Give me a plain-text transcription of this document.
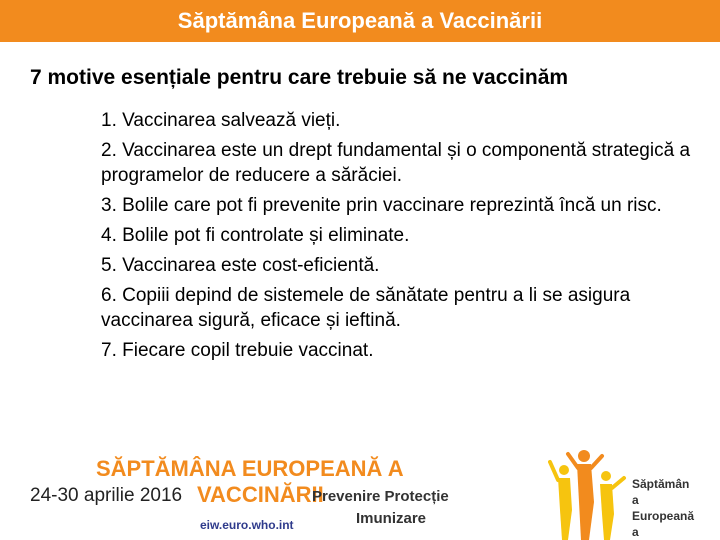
Săptămâna Europeană a Vaccinării
7 motive esențiale pentru care trebuie să ne vaccinăm
1. Vaccinarea salvează vieți.
2. Vaccinarea este un drept fundamental și o componentă strategică a programelor de reducere a sărăciei.
3. Bolile care pot fi prevenite prin vaccinare reprezintă încă un risc.
4. Bolile pot fi controlate și eliminate.
5. Vaccinarea este cost-eficientă.
6. Copiii depind de sistemele de sănătate pentru a li se asigura vaccinarea sigură, eficace și ieftină.
7. Fiecare copil trebuie vaccinat.
SĂPTĂMÂNA EUROPEANĂ A
24-30 aprilie 2016 VACCINĂRII
Prevenire Protecție
Imunizare
eiw.euro.who.int
Săptămân
a
Europeană
a
